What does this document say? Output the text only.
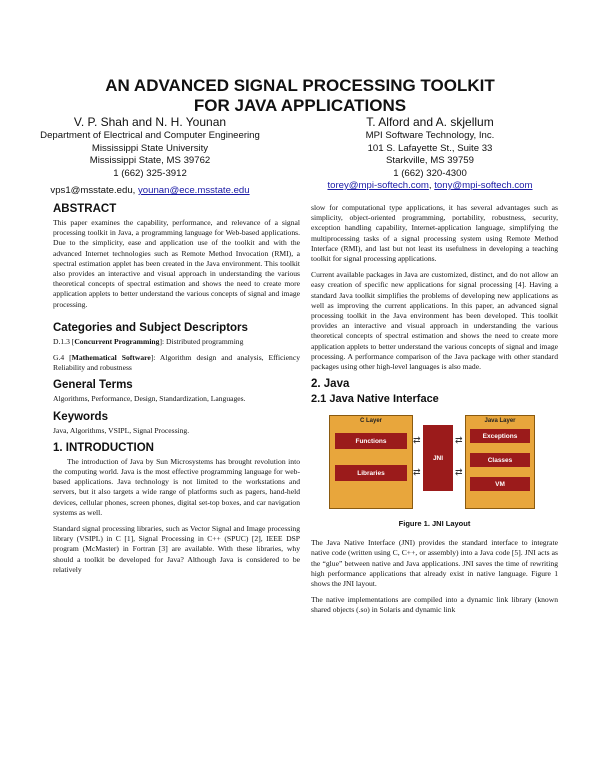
AN ADVANCED SIGNAL PROCESSING TOOLKIT
FOR JAVA APPLICATIONS
V. P. Shah and N. H. Younan
Department of Electrical and Computer Engineering
Mississippi State University
Mississippi State, MS 39762
1 (662) 325-3912
vps1@msstate.edu, younan@ece.msstate.edu
T. Alford and A. skjellum
MPI Software Technology, Inc.
101 S. Lafayette St., Suite 33
Starkville, MS 39759
1 (662) 320-4300
torey@mpi-softech.com, tony@mpi-softech.com
ABSTRACT
This paper examines the capability, performance, and relevance of a signal processing toolkit in Java, a programming language for Web-based applications. Due to the simplicity, ease and application use of the toolkit and with the advanced Internet technologies such as Remote Method Invocation (RMI), a spectral estimation applet has been created in the Java environment. This toolkit also provides an interactive and visual approach in understanding the various theoretical concepts of spectral estimation and shows the need to create more application applets to better understand the various concepts of signal and image processing.
Categories and Subject Descriptors
D.1.3 [Concurrent Programming]: Distributed programming
G.4 [Mathematical Software]: Algorithm design and analysis, Efficiency Reliability and robustness
General Terms
Algorithms, Performance, Design, Standardization, Languages.
Keywords
Java, Algorithms, VSIPL, Signal Processing.
1. INTRODUCTION
The introduction of Java by Sun Microsystems has brought revolution into the computing world. Java is the most effective programming language for web-based applications. Java technology is not limited to the workstations and servers, but it also targets a wide range of platforms such as pagers, hand-held devices, cellular phones, screen phones, digital set-top boxes, and car navigation systems as well.
Standard signal processing libraries, such as Vector Signal and Image processing library (VSIPL) in C [1], Signal Processing in C++ (SPUC) [2], IEEE DSP program (McMaster) in Fortran [3] are available. With these libraries, why should a toolkit be developed for Java? Although Java is considered to be relatively
slow for computational type applications, it has several advantages such as simplicity, object-oriented programming, portability, robustness, security, exception handling capability, Internet-application language, simplifying the multiprocessing tasks of a signal processing system using Remote Method Interface (RMI), and last but not least its usefulness in developing a teaching toolkit for signal processing applications.
Current available packages in Java are customized, distinct, and do not allow an easy creation of specific new applications for signal processing [4]. Having a standard Java toolkit simplifies the problems of developing new applications as well as improving the current applications. In this paper, an advanced signal processing toolkit in the Java environment has been developed. This toolkit provides an interactive and visual approach in understanding the various theoretical concepts of spectral estimation and shows the need to create more application applets to better understand the various concepts of signal and image processing. A performance comparison of the Java package with other standard packages using other high-level languages is also made.
2. Java
2.1 Java Native Interface
C Layer
Functions
Libraries
⇄
⇄
JNI
⇄
⇄
Java Layer
Exceptions
Classes
VM
Figure 1. JNI Layout
The Java Native Interface (JNI) provides the standard interface to integrate native code (written using C, C++, or assembly) into a Java code [5]. JNI acts as the “glue” between native and Java applications. JNI saves the time of rewriting high performance applications that already exist in native language. Figure 1 shows the JNI layout.
The native implementations are compiled into a dynamic link library (known shared objects (.so) in Solaris and dynamic link
